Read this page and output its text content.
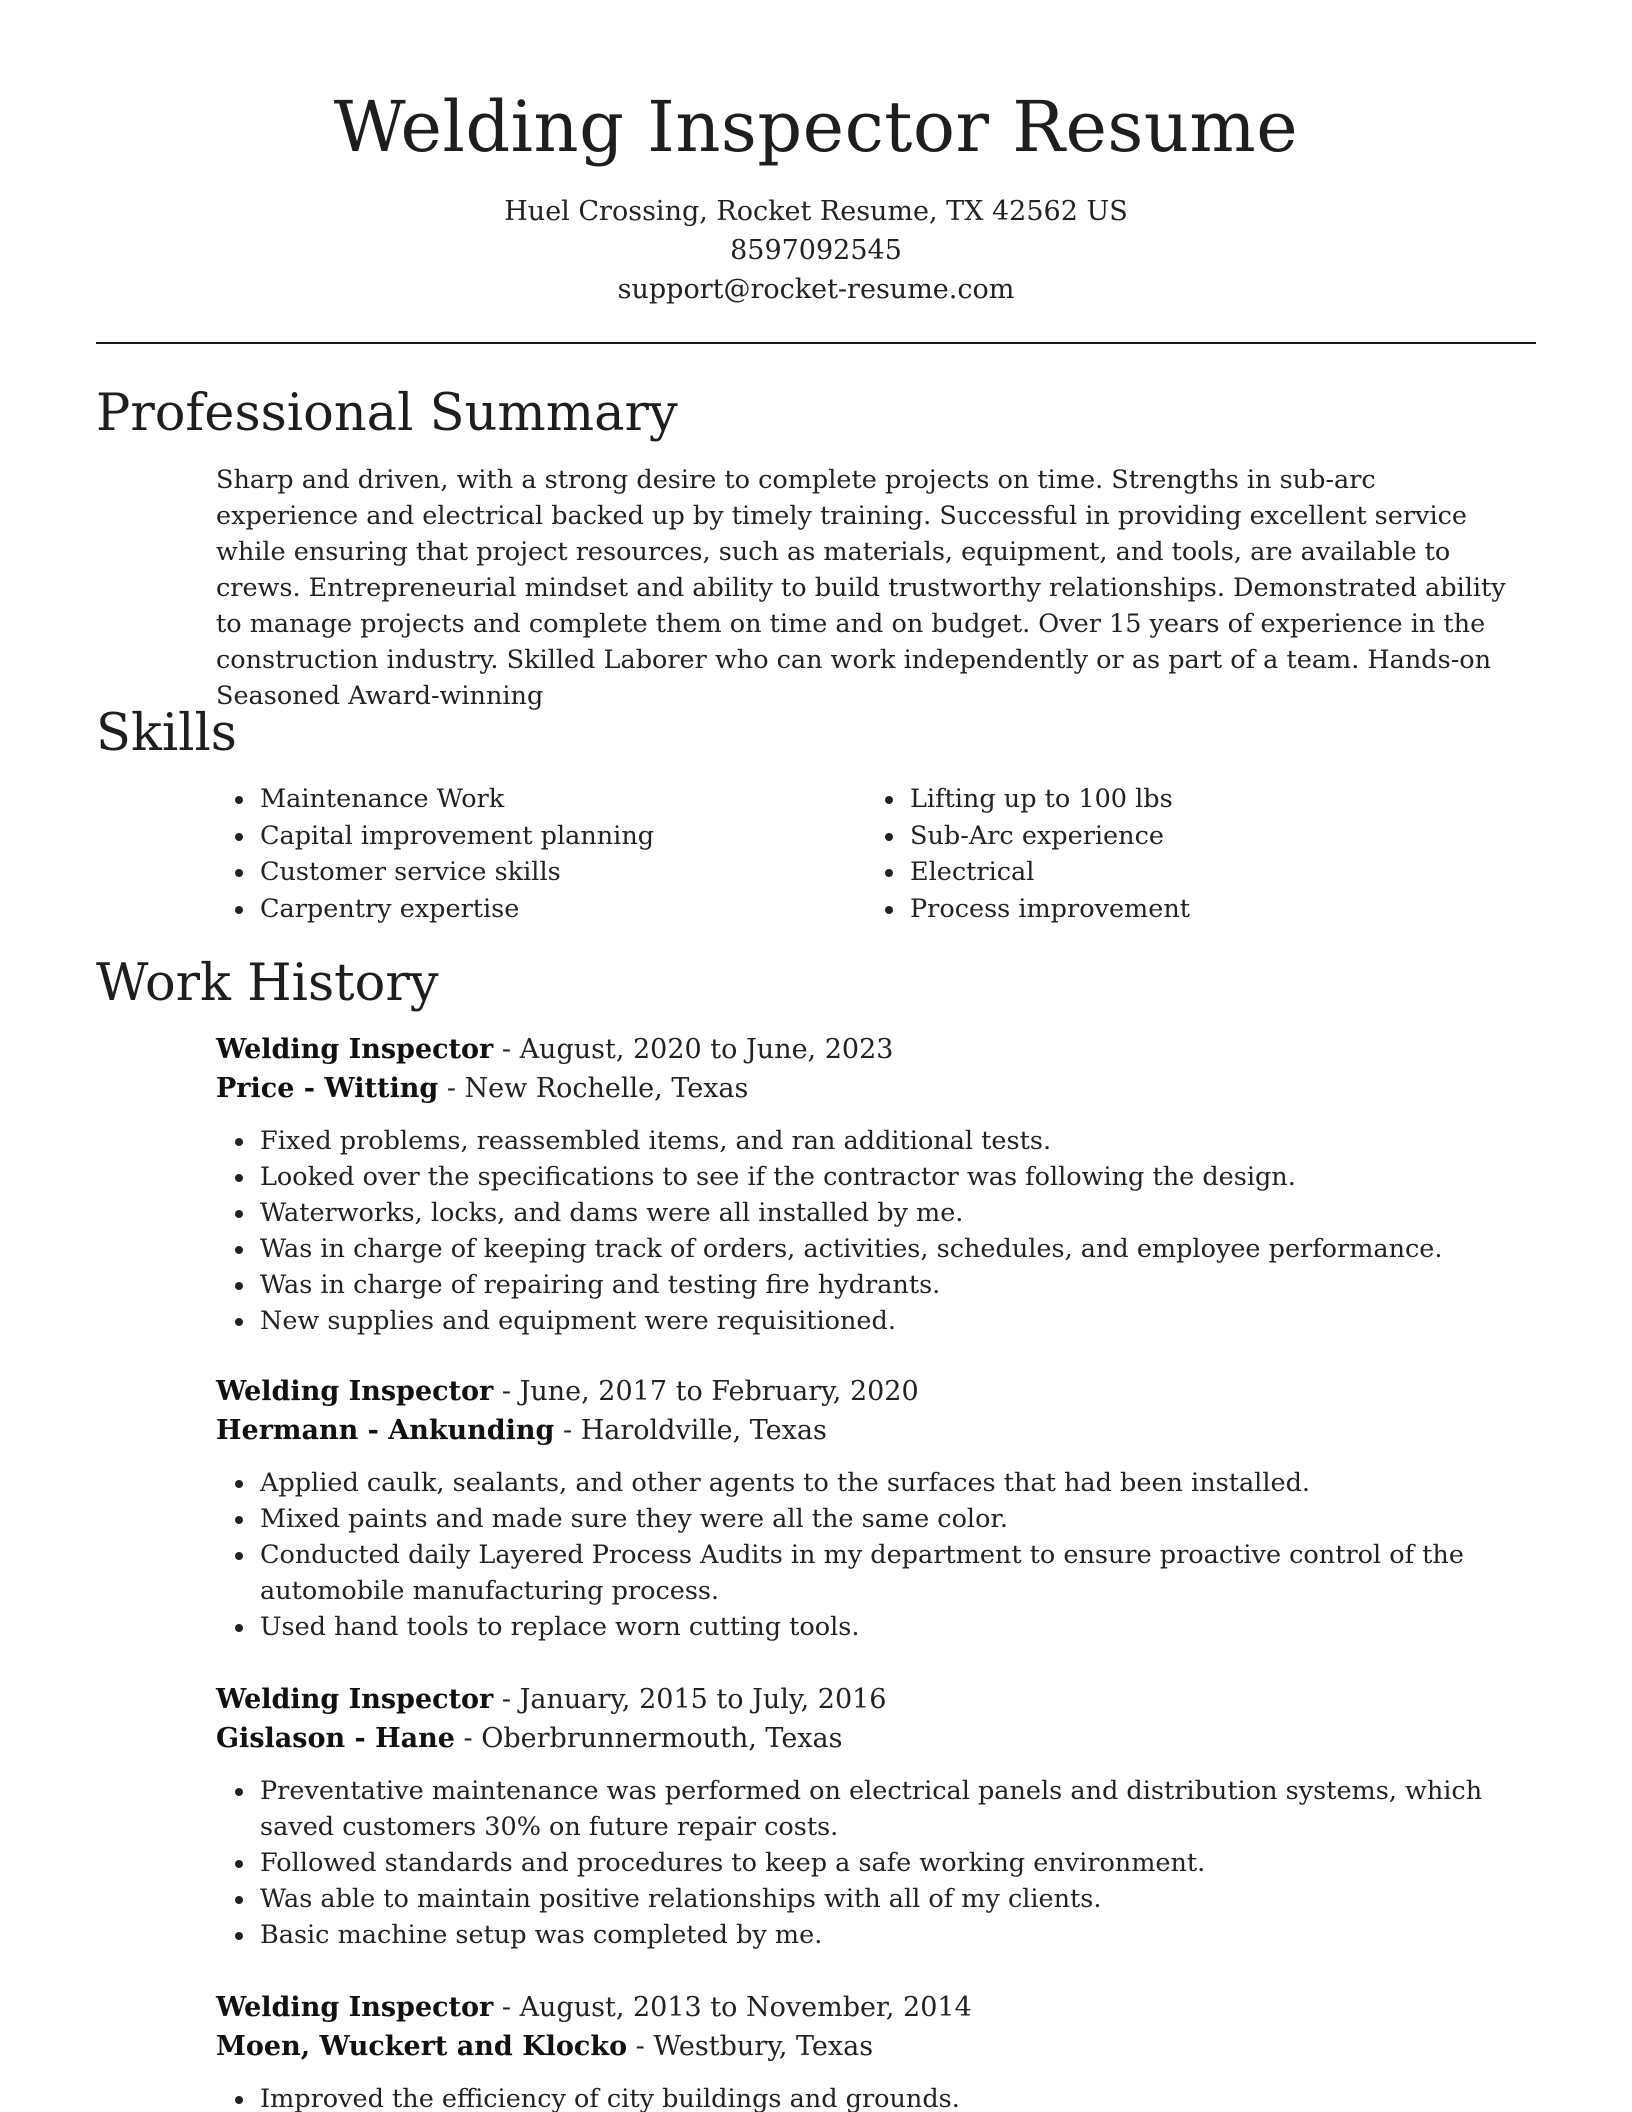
Welding Inspector Resume
Huel Crossing, Rocket Resume, TX 42562 US
8597092545
support@rocket-resume.com
Professional Summary

Sharp and driven, with a strong desire to complete projects on time. Strengths in sub-arc experience and electrical backed up by timely training. Successful in providing excellent service while ensuring that project resources, such as materials, equipment, and tools, are available to crews. Entrepreneurial mindset and ability to build trustworthy relationships. Demonstrated ability to manage projects and complete them on time and on budget. Over 15 years of experience in the construction industry. Skilled Laborer who can work independently or as part of a team. Hands-on Seasoned Award-winning

Skills
Maintenance Work
Capital improvement planning
Customer service skills
Carpentry expertise
Lifting up to 100 lbs
Sub-Arc experience
Electrical
Process improvement
Work History
Welding Inspector - August, 2020 to June, 2023
Price - Witting - New Rochelle, Texas
Fixed problems, reassembled items, and ran additional tests.
Looked over the specifications to see if the contractor was following the design.
Waterworks, locks, and dams were all installed by me.
Was in charge of keeping track of orders, activities, schedules, and employee performance.
Was in charge of repairing and testing fire hydrants.
New supplies and equipment were requisitioned.
Welding Inspector - June, 2017 to February, 2020
Hermann - Ankunding - Haroldville, Texas
Applied caulk, sealants, and other agents to the surfaces that had been installed.
Mixed paints and made sure they were all the same color.
Conducted daily Layered Process Audits in my department to ensure proactive control of the automobile manufacturing process.
Used hand tools to replace worn cutting tools.
Welding Inspector - January, 2015 to July, 2016
Gislason - Hane - Oberbrunnermouth, Texas
Preventative maintenance was performed on electrical panels and distribution systems, which saved customers 30% on future repair costs.
Followed standards and procedures to keep a safe working environment.
Was able to maintain positive relationships with all of my clients.
Basic machine setup was completed by me.
Welding Inspector - August, 2013 to November, 2014
Moen, Wuckert and Klocko - Westbury, Texas
Improved the efficiency of city buildings and grounds.
